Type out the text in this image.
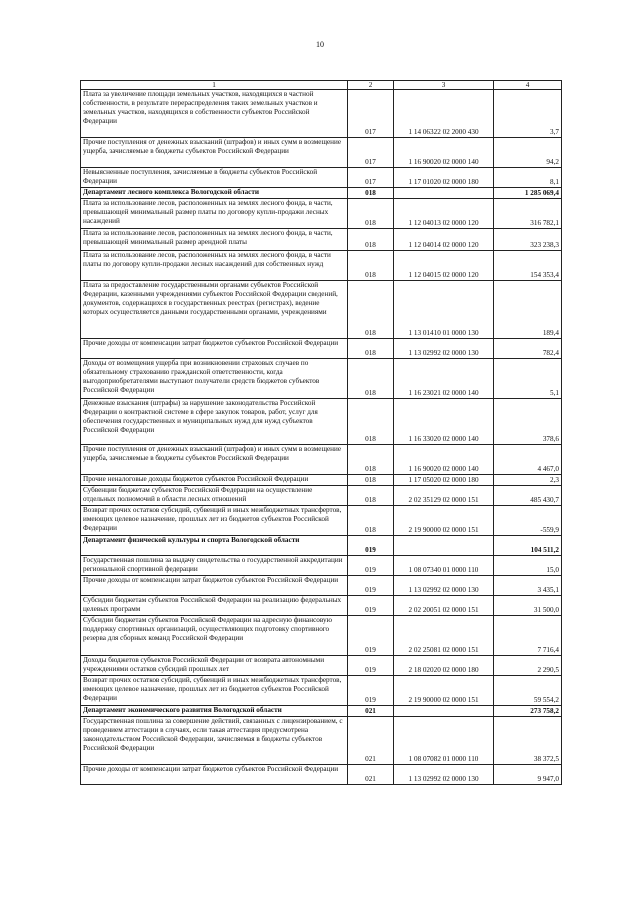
10
1	2	3	4
Плата за увеличение площади земельных участков, находящихся в частной собственности, в результате перераспределения таких земельных участков и земельных участков, находящихся в собственности субъектов Российской Федерации	017	1 14 06322 02 2000 430	3,7
Прочие поступления от денежных взысканий (штрафов) и иных сумм в возмещение ущерба, зачисляемые в бюджеты субъектов Российской Федерации	017	1 16 90020 02 0000 140	94,2
Невыясненные поступления, зачисляемые в бюджеты субъектов Российской Федерации	017	1 17 01020 02 0000 180	8,1
Департамент лесного комплекса Вологодской области	018		1 285 069,4
Плата за использование лесов, расположенных на землях лесного фонда, в части, превышающей минимальный размер платы по договору купли-продажи лесных насаждений	018	1 12 04013 02 0000 120	316 782,1
Плата за использование лесов, расположенных на землях лесного фонда, в части, превышающей минимальный размер арендной платы	018	1 12 04014 02 0000 120	323 238,3
Плата за использование лесов, расположенных на землях лесного фонда, в части платы по договору купли-продажи лесных насаждений для собственных нужд	018	1 12 04015 02 0000 120	154 353,4
Плата за предоставление государственными органами субъектов Российской Федерации, казенными учреждениями субъектов Российской Федерации сведений, документов, содержащихся в государственных реестрах (регистрах), ведение которых осуществляется данными государственными органами, учреждениями	018	1 13 01410 01 0000 130	189,4
Прочие доходы от компенсации затрат бюджетов субъектов Российской Федерации	018	1 13 02992 02 0000 130	782,4
Доходы от возмещения ущерба при возникновении страховых случаев по обязательному страхованию гражданской ответственности, когда выгодоприобретателями выступают получатели средств бюджетов субъектов Российской Федерации	018	1 16 23021 02 0000 140	5,1
Денежные взыскания (штрафы) за нарушение законодательства Российской Федерации о контрактной системе в сфере закупок товаров, работ, услуг для обеспечения государственных и муниципальных нужд для нужд субъектов Российской Федерации	018	1 16 33020 02 0000 140	378,6
Прочие поступления от денежных взысканий (штрафов) и иных сумм в возмещение ущерба, зачисляемые в бюджеты субъектов Российской Федерации	018	1 16 90020 02 0000 140	4 467,0
Прочие неналоговые доходы бюджетов субъектов Российской Федерации	018	1 17 05020 02 0000 180	2,3
Субвенции бюджетам субъектов Российской Федерации на осуществление отдельных полномочий в области лесных отношений	018	2 02 35129 02 0000 151	485 430,7
Возврат прочих остатков субсидий, субвенций и иных межбюджетных трансфертов, имеющих целевое назначение, прошлых лет из бюджетов субъектов Российской Федерации	018	2 19 90000 02 0000 151	-559,9
Департамент физической культуры и спорта Вологодской области	019		104 511,2
Государственная пошлина за выдачу свидетельства о государственной аккредитации региональной спортивной федерации	019	1 08 07340 01 0000 110	15,0
Прочие доходы от компенсации затрат бюджетов субъектов Российской Федерации	019	1 13 02992 02 0000 130	3 435,1
Субсидии бюджетам субъектов Российской Федерации на реализацию федеральных целевых программ	019	2 02 20051 02 0000 151	31 500,0
Субсидии бюджетам субъектов Российской Федерации на адресную финансовую поддержку спортивных организаций, осуществляющих подготовку спортивного резерва для сборных команд Российской Федерации	019	2 02 25081 02 0000 151	7 716,4
Доходы бюджетов субъектов Российской Федерации от возврата автономными учреждениями остатков субсидий прошлых лет	019	2 18 02020 02 0000 180	2 290,5
Возврат прочих остатков субсидий, субвенций и иных межбюджетных трансфертов, имеющих целевое назначение, прошлых лет из бюджетов субъектов Российской Федерации	019	2 19 90000 02 0000 151	59 554,2
Департамент экономического развития Вологодской области	021		273 758,2
Государственная пошлина за совершение действий, связанных с лицензированием, с проведением аттестации в случаях, если такая аттестация предусмотрена законодательством Российской Федерации, зачисляемая в бюджеты субъектов Российской Федерации	021	1 08 07082 01 0000 110	38 372,5
Прочие доходы от компенсации затрат бюджетов субъектов Российской Федерации	021	1 13 02992 02 0000 130	9 947,0
